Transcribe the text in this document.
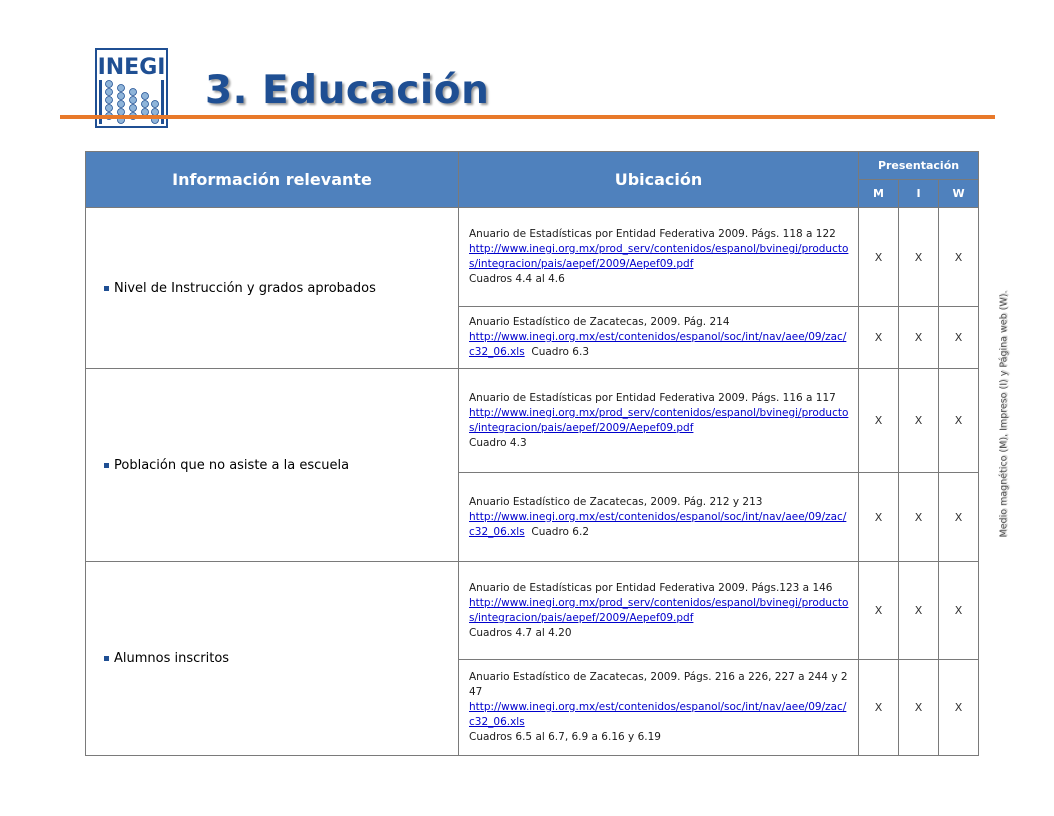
INEGI
3. Educación
Información relevante	Ubicación	Presentación		
		M	I	W
Nivel de Instrucción y grados aprobados	Anuario de Estadísticas por Entidad Federativa 2009. Págs. 118 a 122
http://www.inegi.org.mx/prod_serv/contenidos/espanol/bvinegi/productos/integracion/pais/aepef/2009/Aepef09.pdf
Cuadros 4.4 al 4.6	X	X	X
	Anuario Estadístico de Zacatecas, 2009. Pág. 214
http://www.inegi.org.mx/est/contenidos/espanol/soc/int/nav/aee/09/zac/c32_06.xls Cuadro 6.3	X	X	X
Población que no asiste a la escuela	Anuario de Estadísticas por Entidad Federativa 2009. Págs. 116 a 117
http://www.inegi.org.mx/prod_serv/contenidos/espanol/bvinegi/productos/integracion/pais/aepef/2009/Aepef09.pdf
Cuadro 4.3	X	X	X
	Anuario Estadístico de Zacatecas, 2009. Pág. 212 y 213
http://www.inegi.org.mx/est/contenidos/espanol/soc/int/nav/aee/09/zac/c32_06.xls Cuadro 6.2	X	X	X
Alumnos inscritos	Anuario de Estadísticas por Entidad Federativa 2009. Págs.123 a 146
http://www.inegi.org.mx/prod_serv/contenidos/espanol/bvinegi/productos/integracion/pais/aepef/2009/Aepef09.pdf
Cuadros 4.7 al 4.20	X	X	X
	Anuario Estadístico de Zacatecas, 2009. Págs. 216 a 226, 227 a 244 y 247
http://www.inegi.org.mx/est/contenidos/espanol/soc/int/nav/aee/09/zac/c32_06.xls
Cuadros 6.5 al 6.7, 6.9 a 6.16 y 6.19	X	X	X
Medio magnético (M), Impreso (I) y Página web (W).
